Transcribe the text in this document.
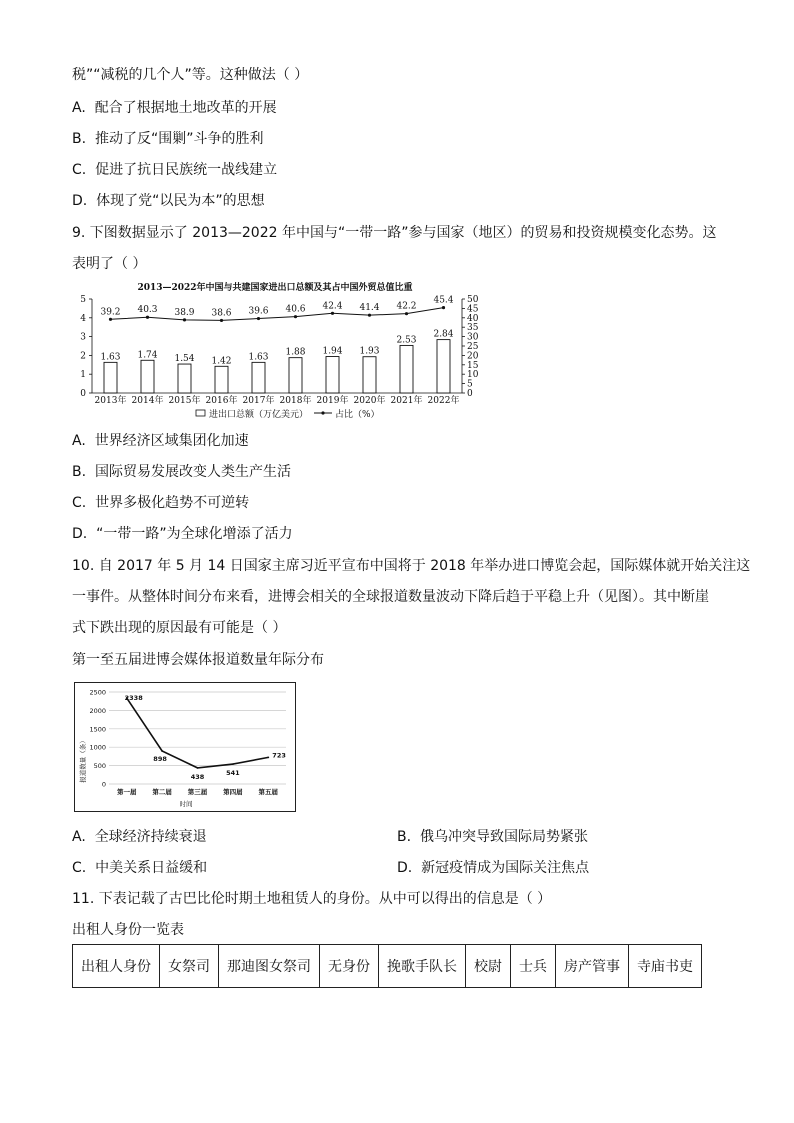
税”“减税的几个人”等。这种做法（ ）
A. 配合了根据地土地改革的开展
B. 推动了反“围剿”斗争的胜利
C. 促进了抗日民族统一战线建立
D. 体现了党“以民为本”的思想
9. 下图数据显示了 2013—2022 年中国与“一带一路”参与国家（地区）的贸易和投资规模变化态势。这
表明了（ ）
2013—2022年中国与共建国家进出口总额及其占中国外贸总值比重
0
1
2
3
4
5
0
5
10
15
20
25
30
35
40
45
50
2013年 2014年 2015年 2016年 2017年 2018年 2019年 2020年 2021年 2022年
1.63 1.74 1.54 1.42 1.63 1.88 1.94 1.93
2.53
2.84
39.2 40.3 38.9 38.6 39.6 40.6 42.4 41.4 42.2
45.4
进出口总额（万亿美元）	占比（%）
A. 世界经济区域集团化加速
B. 国际贸易发展改变人类生产生活
C. 世界多极化趋势不可逆转
D. “一带一路”为全球化增添了活力
10. 自 2017 年 5 月 14 日国家主席习近平宣布中国将于 2018 年举办进口博览会起，国际媒体就开始关注这
一事件。从整体时间分布来看，进博会相关的全球报道数量波动下降后趋于平稳上升（见图）。其中断崖
式下跌出现的原因最有可能是（ ）
第一至五届进博会媒体报道数量年际分布
0
500
1000
1500
2000
2500
第一届 第二届 第三届 第四届 第五届
2338
898
438	541
723
报道数量（条）
时间
A. 全球经济持续衰退	B. 俄乌冲突导致国际局势紧张
C. 中美关系日益缓和	D. 新冠疫情成为国际关注焦点
11. 下表记载了古巴比伦时期土地租赁人的身份。从中可以得出的信息是（ ）
出租人身份一览表
出租人身份	女祭司	那迪图女祭司	无身份	挽歌手队长	校尉	士兵	房产管事	寺庙书吏
